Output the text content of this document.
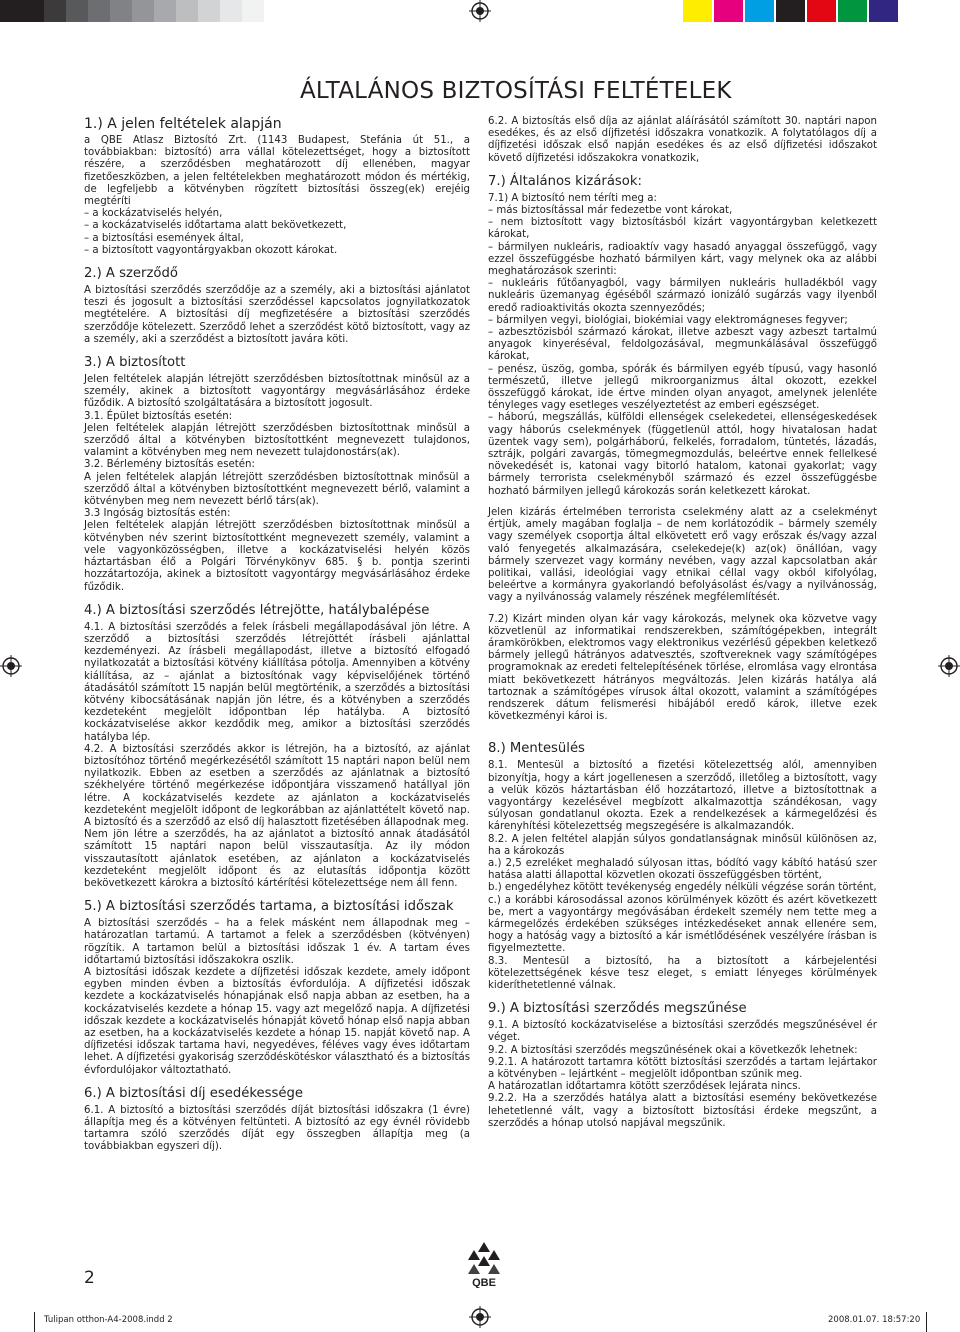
ÁLTALÁNOS BIZTOSÍTÁSI FELTÉTELEK
1.) A jelen feltételek alapján

a QBE Atlasz Biztosító Zrt. (1143 Budapest, Stefánia út 51., a továbbiakban: biztosító) arra vállal kötelezettséget, hogy a biztosított részére, a szerződésben meghatározott díj ellenében, magyar fizetőeszközben, a jelen feltételekben meghatározott módon és mértékig, de legfeljebb a kötvényben rögzített biztosítási összeg(ek) erejéig megtéríti

– a kockázatviselés helyén,

– a kockázatviselés időtartama alatt bekövetkezett,

– a biztosítási események által,

– a biztosított vagyontárgyakban okozott károkat.

2.) A szerződő

A biztosítási szerződés szerződője az a személy, aki a biztosítási ajánlatot teszi és jogosult a biztosítási szerződéssel kapcsolatos jognyilatkozatok megtételére. A biztosítási díj megfizetésére a biztosítási szerződés szerződője kötelezett. Szerződő lehet a szerződést kötő biztosított, vagy az a személy, aki a szerződést a biztosított javára köti.

3.) A biztosított

Jelen feltételek alapján létrejött szerződésben biztosítottnak minősül az a személy, akinek a biztosított vagyontárgy megvásárlásához érdeke fűződik. A biztosító szolgáltatására a biztosított jogosult.

3.1. Épület biztosítás esetén:

Jelen feltételek alapján létrejött szerződésben biztosítottnak minősül a szerződő által a kötvényben biztosítottként megnevezett tulajdonos, valamint a kötvényben meg nem nevezett tulajdonostárs(ak).

3.2. Bérlemény biztosítás esetén:

A jelen feltételek alapján létrejött szerződésben biztosítottnak minősül a szerződő által a kötvényben biztosítottként megnevezett bérlő, valamint a kötvényben meg nem nevezett bérlő társ(ak).

3.3 Ingóság biztosítás estén:

Jelen feltételek alapján létrejött szerződésben biztosítottnak minősül a kötvényben név szerint biztosítottként megnevezett személy, valamint a vele vagyonközösségben, illetve a kockázatviselési helyén közös háztartásban élő a Polgári Törvénykönyv 685. § b. pontja szerinti hozzátartozója, akinek a biztosított vagyontárgy megvásárlásához érdeke fűződik.

4.) A biztosítási szerződés létrejötte, hatálybalépése

4.1. A biztosítási szerződés a felek írásbeli megállapodásával jön létre. A szerződő a biztosítási szerződés létrejöttét írásbeli ajánlattal kezdeményezi. Az írásbeli megállapodást, illetve a biztosító elfogadó nyilatkozatát a biztosítási kötvény kiállítása pótolja. Amennyiben a kötvény kiállítása, az – ajánlat a biztosítónak vagy képviselőjének történő átadásától számított 15 napján belül megtörténik, a szerződés a biztosítási kötvény kibocsátásának napján jön létre, és a kötvényben a szerződés kezdeteként megjelölt időpontban lép hatályba. A biztosító kockázatviselése akkor kezdődik meg, amikor a biztosítási szerződés hatályba lép.

4.2. A biztosítási szerződés akkor is létrejön, ha a biztosító, az ajánlat biztosítóhoz történő megérkezésétől számított 15 naptári napon belül nem nyilatkozik. Ebben az esetben a szerződés az ajánlatnak a biztosító székhelyére történő megérkezése időpontjára visszamenő hatállyal jön létre. A kockázatviselés kezdete az ajánlaton a kockázatviselés kezdeteként megjelölt időpont de legkorábban az ajánlattételt követő nap. A biztosító és a szerződő az első díj halasztott fizetésében állapodnak meg.

Nem jön létre a szerződés, ha az ajánlatot a biztosító annak átadásától számított 15 naptári napon belül visszautasítja. Az ily módon visszautasított ajánlatok esetében, az ajánlaton a kockázatviselés kezdeteként megjelölt időpont és az elutasítás időpontja között bekövetkezett károkra a biztosító kártérítési kötelezettsége nem áll fenn.

5.) A biztosítási szerződés tartama, a biztosítási időszak

A biztosítási szerződés – ha a felek másként nem állapodnak meg – határozatlan tartamú. A tartamot a felek a szerződésben (kötvényen) rögzítik. A tartamon belül a biztosítási időszak 1 év. A tartam éves időtartamú biztosítási időszakokra oszlik.

A biztosítási időszak kezdete a díjfizetési időszak kezdete, amely időpont egyben minden évben a biztosítás évfordulója. A díjfizetési időszak kezdete a kockázatviselés hónapjának első napja abban az esetben, ha a kockázatviselés kezdete a hónap 15. vagy azt megelőző napja. A díjfizetési időszak kezdete a kockázatviselés hónapját követő hónap első napja abban az esetben, ha a kockázatviselés kezdete a hónap 15. napját követő nap. A díjfizetési időszak tartama havi, negyedéves, féléves vagy éves időtartam lehet. A díjfizetési gyakoriság szerződéskötéskor választható és a biztosítás évfordulójakor változtatható.

6.) A biztosítási díj esedékessége

6.1. A biztosító a biztosítási szerződés díját biztosítási időszakra (1 évre) állapítja meg és a kötvényen feltünteti. A biztosító az egy évnél rövidebb tartamra szóló szerződés díját egy összegben állapítja meg (a továbbiakban egyszeri díj).

6.2. A biztosítás első díja az ajánlat aláírásától számított 30. naptári napon esedékes, és az első díjfizetési időszakra vonatkozik. A folytatólagos díj a díjfizetési időszak első napján esedékes és az első díjfizetési időszakot követő díjfizetési időszakokra vonatkozik,

7.) Általános kizárások:

7.1) A biztosító nem téríti meg a:

– más biztosítással már fedezetbe vont károkat,

– nem biztosított vagy biztosításból kizárt vagyontárgyban keletkezett károkat,

– bármilyen nukleáris, radioaktív vagy hasadó anyaggal összefüggő, vagy ezzel összefüggésbe hozható bármilyen kárt, vagy melynek oka az alábbi meghatározások szerinti:

– nukleáris fűtőanyagból, vagy bármilyen nukleáris hulladékból vagy nukleáris üzemanyag égéséből származó ionizáló sugárzás vagy ilyenből eredő radioaktivitás okozta szennyeződés;

– bármilyen vegyi, biológiai, biokémiai vagy elektromágneses fegyver;

– azbesztözisból származó károkat, illetve azbeszt vagy azbeszt tartalmú anyagok kinyeréséval, feldolgozásával, megmunkálásával összefüggő károkat,

– penész, üszög, gomba, spórák és bármilyen egyéb típusú, vagy hasonló természetű, illetve jellegű mikroorganizmus által okozott, ezekkel összefüggő károkat, ide értve minden olyan anyagot, amelynek jelenléte tényleges vagy esetleges veszélyeztetést az emberi egészséget.

– háború, megszállás, külföldi ellenségek cselekedetei, ellenségeskedések vagy háborús cselekmények (függetlenül attól, hogy hivatalosan hadat üzentek vagy sem), polgárháború, felkelés, forradalom, tüntetés, lázadás, sztrájk, polgári zavargás, tömegmegmozdulás, beleértve ennek fellelkesé növekedését is, katonai vagy bitorló hatalom, katonai gyakorlat; vagy bármely terrorista cselekményből származó és ezzel összefüggésbe hozható bármilyen jellegű károkozás során keletkezett károkat.

Jelen kizárás értelmében terrorista cselekmény alatt az a cselekményt értjük, amely magában foglalja – de nem korlátozódik – bármely személy vagy személyek csoportja által elkövetett erő vagy erőszak és/vagy azzal való fenyegetés alkalmazására, cselekedeje(k) az(ok) önállóan, vagy bármely szervezet vagy kormány nevében, vagy azzal kapcsolatban akár politikai, vallási, ideológiai vagy etnikai céllal vagy okból kifolyólag, beleértve a kormányra gyakorlandó befolyásolást és/vagy a nyilvánosság, vagy a nyilvánosság valamely részének megfélemlítését.

7.2) Kizárt minden olyan kár vagy károkozás, melynek oka közvetve vagy közvetlenül az informatikai rendszerekben, számítógépekben, integrált áramkörökben, elektromos vagy elektronikus vezérlésű gépekben keletkező bármely jellegű hátrányos adatvesztés, szoftvereknek vagy számítógépes programoknak az eredeti feltelepítésének törlése, elromlása vagy elrontása miatt bekövetkezett hátrányos megváltozás. Jelen kizárás hatálya alá tartoznak a számítógépes vírusok által okozott, valamint a számítógépes rendszerek dátum felismerési hibájából eredő károk, illetve ezek következményi károi is.

8.) Mentesülés

8.1. Mentesül a biztosító a fizetési kötelezettség alól, amennyiben bizonyítja, hogy a kárt jogellenesen a szerződő, illetőleg a biztosított, vagy a velük közös háztartásban élő hozzátartozó, illetve a biztosítottnak a vagyontárgy kezelésével megbízott alkalmazottja szándékosan, vagy súlyosan gondatlanul okozta. Ezek a rendelkezések a kármegelőzési és kárenyhítési kötelezettség megszegésére is alkalmazandók.

8.2. A jelen feltétel alapján súlyos gondatlanságnak minősül különösen az, ha a károkozás

a.) 2,5 ezreléket meghaladó súlyosan ittas, bódító vagy kábító hatású szer hatása alatti állapottal közvetlen okozati összefüggésben történt,

b.) engedélyhez kötött tevékenység engedély nélküli végzése során történt,

c.) a korábbi károsodással azonos körülmények között és azért következett be, mert a vagyontárgy megóvásában érdekelt személy nem tette meg a kármegelőzés érdekében szükséges intézkedéseket annak ellenére sem, hogy a hatóság vagy a biztosító a kár ismétlődésének veszélyére írásban is figyelmeztette.

8.3. Mentesül a biztosító, ha a biztosított a kárbejelentési kötelezettségének késve tesz eleget, s emiatt lényeges körülmények kideríthetetlenné válnak.

9.) A biztosítási szerződés megszűnése

9.1. A biztosító kockázatviselése a biztosítási szerződés megszűnésével ér véget.

9.2. A biztosítási szerződés megszűnésének okai a következők lehetnek:

9.2.1. A határozott tartamra kötött biztosítási szerződés a tartam lejártakor a kötvényben – lejártként – megjelölt időpontban szűnik meg.

A határozatlan időtartamra kötött szerződések lejárata nincs.

9.2.2. Ha a szerződés hatálya alatt a biztosítási esemény bekövetkezése lehetetlenné vált, vagy a biztosított biztosítási érdeke megszűnt, a szerződés a hónap utolsó napjával megszűnik.

2	QBE
Tulipan otthon-A4-2008.indd 2	2008.01.07. 18:57:20
